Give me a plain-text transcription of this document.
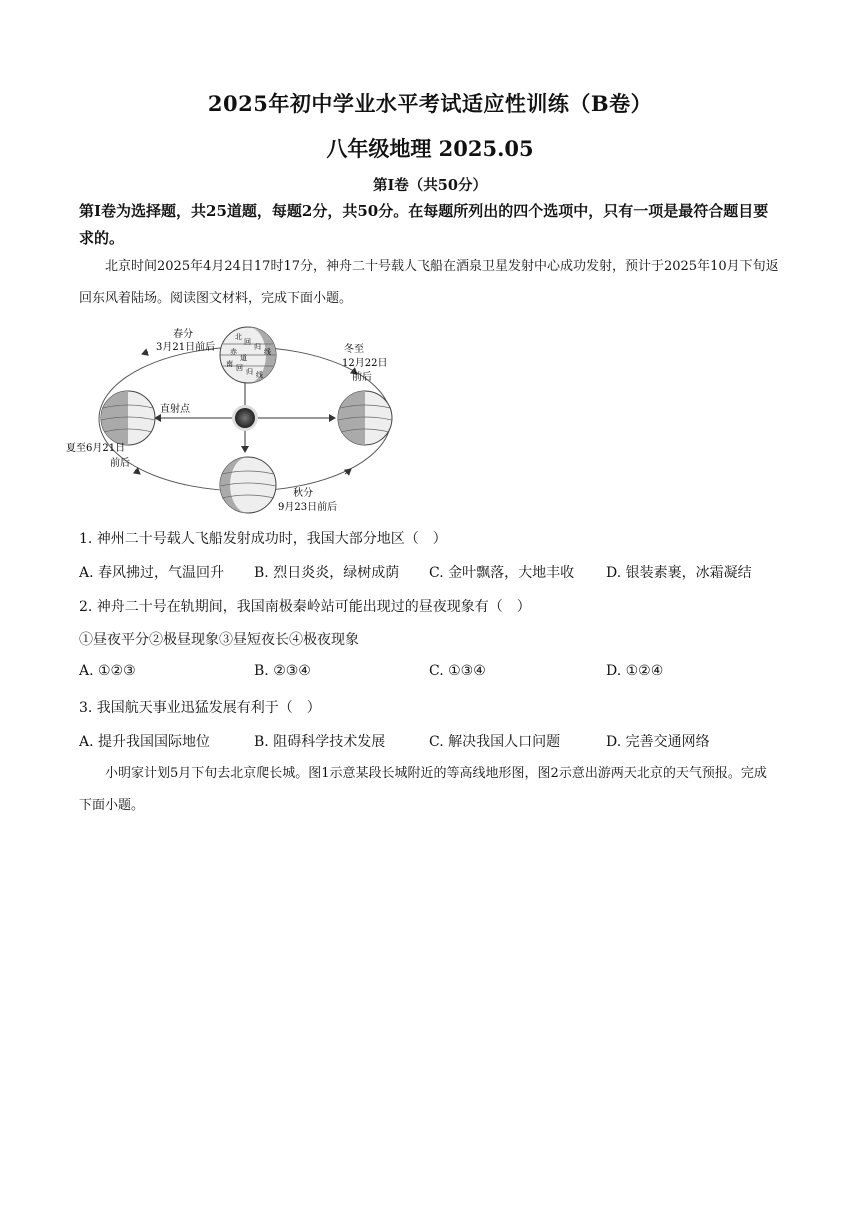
2025年初中学业水平考试适应性训练（B卷）
八年级地理 2025.05
第Ⅰ卷（共50分）
第Ⅰ卷为选择题，共25道题，每题2分，共50分。在每题所列出的四个选项中，只有一项是最符合题目要求的。
北京时间2025年4月24日17时17分，神舟二十号载人飞船在酒泉卫星发射中心成功发射，预计于2025年10月下旬返回东风着陆场。阅读图文材料，完成下面小题。
北
回
归
线
赤
道
南 回 归 线
春分
3月21日前后	冬至
12月22日
前后
直射点
夏至6月21日
前后
秋分
9月23日前后
1. 神州二十号载人飞船发射成功时，我国大部分地区（　）
A. 春风拂过，气温回升 B. 烈日炎炎，绿树成荫 C. 金叶飘落，大地丰收 D. 银装素裹，冰霜凝结
2. 神舟二十号在轨期间，我国南极秦岭站可能出现过的昼夜现象有（　）
①昼夜平分②极昼现象③昼短夜长④极夜现象
A. ①②③	B. ②③④	C. ①③④	D. ①②④
3. 我国航天事业迅猛发展有利于（　）
A. 提升我国国际地位	B. 阻碍科学技术发展	C. 解决我国人口问题	D. 完善交通网络
小明家计划5月下旬去北京爬长城。图1示意某段长城附近的等高线地形图，图2示意出游两天北京的天气预报。完成下面小题。
